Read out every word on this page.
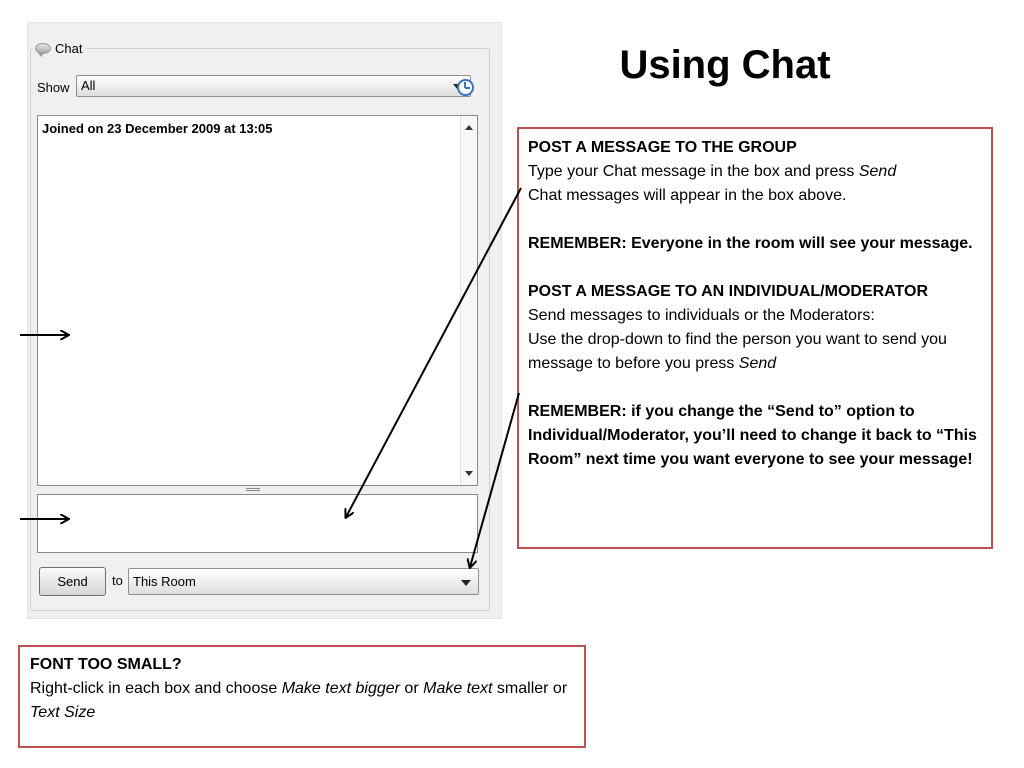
Chat
Show All
Joined on 23 December 2009 at 13:05
Send	to This Room
Using Chat

POST A MESSAGE TO THE GROUP

Type your Chat message in the box and press Send

Chat messages will appear in the box above.

REMEMBER: Everyone in the room will see your message.

POST A MESSAGE TO AN INDIVIDUAL/MODERATOR

Send messages to individuals or the Moderators:

Use the drop-down to find the person you want to send you message to before you press Send

REMEMBER: if you change the “Send to” option to Individual/Moderator, you’ll need to change it back to “This Room” next time you want everyone to see your message!

FONT TOO SMALL?

Right-click in each box and choose Make text bigger or Make text smaller or Text Size
